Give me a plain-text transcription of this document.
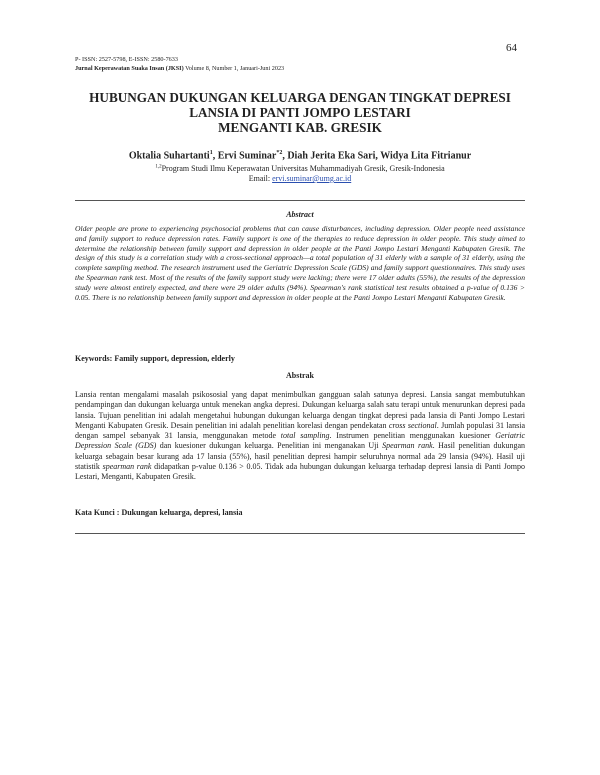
64
P- ISSN: 2527-5798, E-ISSN: 2580-7633
Jurnal Keperawatan Suaka Insan (JKSI) Volume 8, Number 1, Januari-Juni 2023
HUBUNGAN DUKUNGAN KELUARGA DENGAN TINGKAT DEPRESI
LANSIA DI PANTI JOMPO LESTARI
MENGANTI KAB. GRESIK
Oktalia Suhartanti$^1$, Ervi Suminar$^{*2}$, Diah Jerita Eka Sari, Widya Lita Fitrianur
$^{1,2}$Program Studi Ilmu Keperawatan Universitas Muhammadiyah Gresik, Gresik-Indonesia
Email: ervi.suminar@umg.ac.id
Abstract

Older people are prone to experiencing psychosocial problems that can cause disturbances, including depression. Older people need assistance and family support to reduce depression rates. Family support is one of the therapies to reduce depression in older people. This study aimed to determine the relationship between family support and depression in older people at the Panti Jompo Lestari Menganti Kabupaten Gresik. The design of this study is a correlation study with a cross-sectional approach—a total population of 31 elderly with a sample of 31 elderly, using the complete sampling method. The research instrument used the Geriatric Depression Scale (GDS) and family support questionnaires. This study uses the Spearman rank test. Most of the results of the family support study were lacking; there were 17 older adults (55%), the results of the depression study were almost entirely expected, and there were 29 older adults (94%). Spearman's rank statistical test results obtained a p-value of 0.136 > 0.05. There is no relationship between family support and depression in older people at the Panti Jompo Lestari Menganti Kabupaten Gresik.

Keywords: Family support, depression, elderly
Abstrak

Lansia rentan mengalami masalah psikososial yang dapat menimbulkan gangguan salah satunya depresi. Lansia sangat membutuhkan pendampingan dan dukungan keluarga untuk menekan angka depresi. Dukungan keluarga salah satu terapi untuk menurunkan depresi pada lansia. Tujuan penelitian ini adalah mengetahui hubungan dukungan keluarga dengan tingkat depresi pada lansia di Panti Jompo Lestari Menganti Kabupaten Gresik. Desain penelitian ini adalah penelitian korelasi dengan pendekatan cross sectional. Jumlah populasi 31 lansia dengan sampel sebanyak 31 lansia, menggunakan metode total sampling. Instrumen penelitian menggunakan kuesioner Geriatric Depression Scale (GDS) dan kuesioner dukungan keluarga. Penelitian ini menganakan Uji Spearman rank. Hasil penelitian dukungan keluarga sebagain besar kurang ada 17 lansia (55%), hasil penelitian depresi hampir seluruhnya normal ada 29 lansia (94%). Hasil uji statistik spearman rank didapatkan p-value 0.136 > 0.05. Tidak ada hubungan dukungan keluarga terhadap depresi lansia di Panti Jompo Lestari, Menganti, Kabupaten Gresik.

Kata Kunci : Dukungan keluarga, depresi, lansia
